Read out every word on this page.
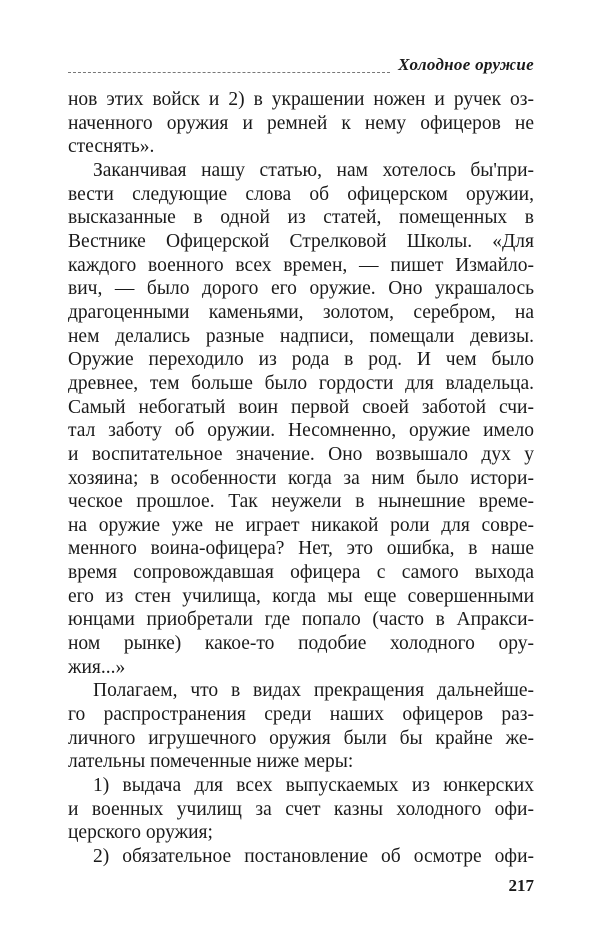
Холодное оружие
нов этих войск и 2) в украшении ножен и ручек оз-
наченного оружия и ремней к нему офицеров не
стеснять».
Заканчивая нашу статью, нам хотелось бы'при-
вести следующие слова об офицерском оружии,
высказанные в одной из статей, помещенных в
Вестнике Офицерской Стрелковой Школы. «Для
каждого военного всех времен, — пишет Измайло-
вич, — было дорого его оружие. Оно украшалось
драгоценными каменьями, золотом, серебром, на
нем делались разные надписи, помещали девизы.
Оружие переходило из рода в род. И чем было
древнее, тем больше было гордости для владельца.
Самый небогатый воин первой своей заботой счи-
тал заботу об оружии. Несомненно, оружие имело
и воспитательное значение. Оно возвышало дух у
хозяина; в особенности когда за ним было истори-
ческое прошлое. Так неужели в нынешние време-
на оружие уже не играет никакой роли для совре-
менного воина-офицера? Нет, это ошибка, в наше
время сопровождавшая офицера с самого выхода
его из стен училища, когда мы еще совершенными
юнцами приобретали где попало (часто в Апракси-
ном рынке) какое-то подобие холодного ору-
жия...»
Полагаем, что в видах прекращения дальнейше-
го распространения среди наших офицеров раз-
личного игрушечного оружия были бы крайне же-
лательны помеченные ниже меры:
1) выдача для всех выпускаемых из юнкерских
и военных училищ за счет казны холодного офи-
церского оружия;
2) обязательное постановление об осмотре офи-
217
